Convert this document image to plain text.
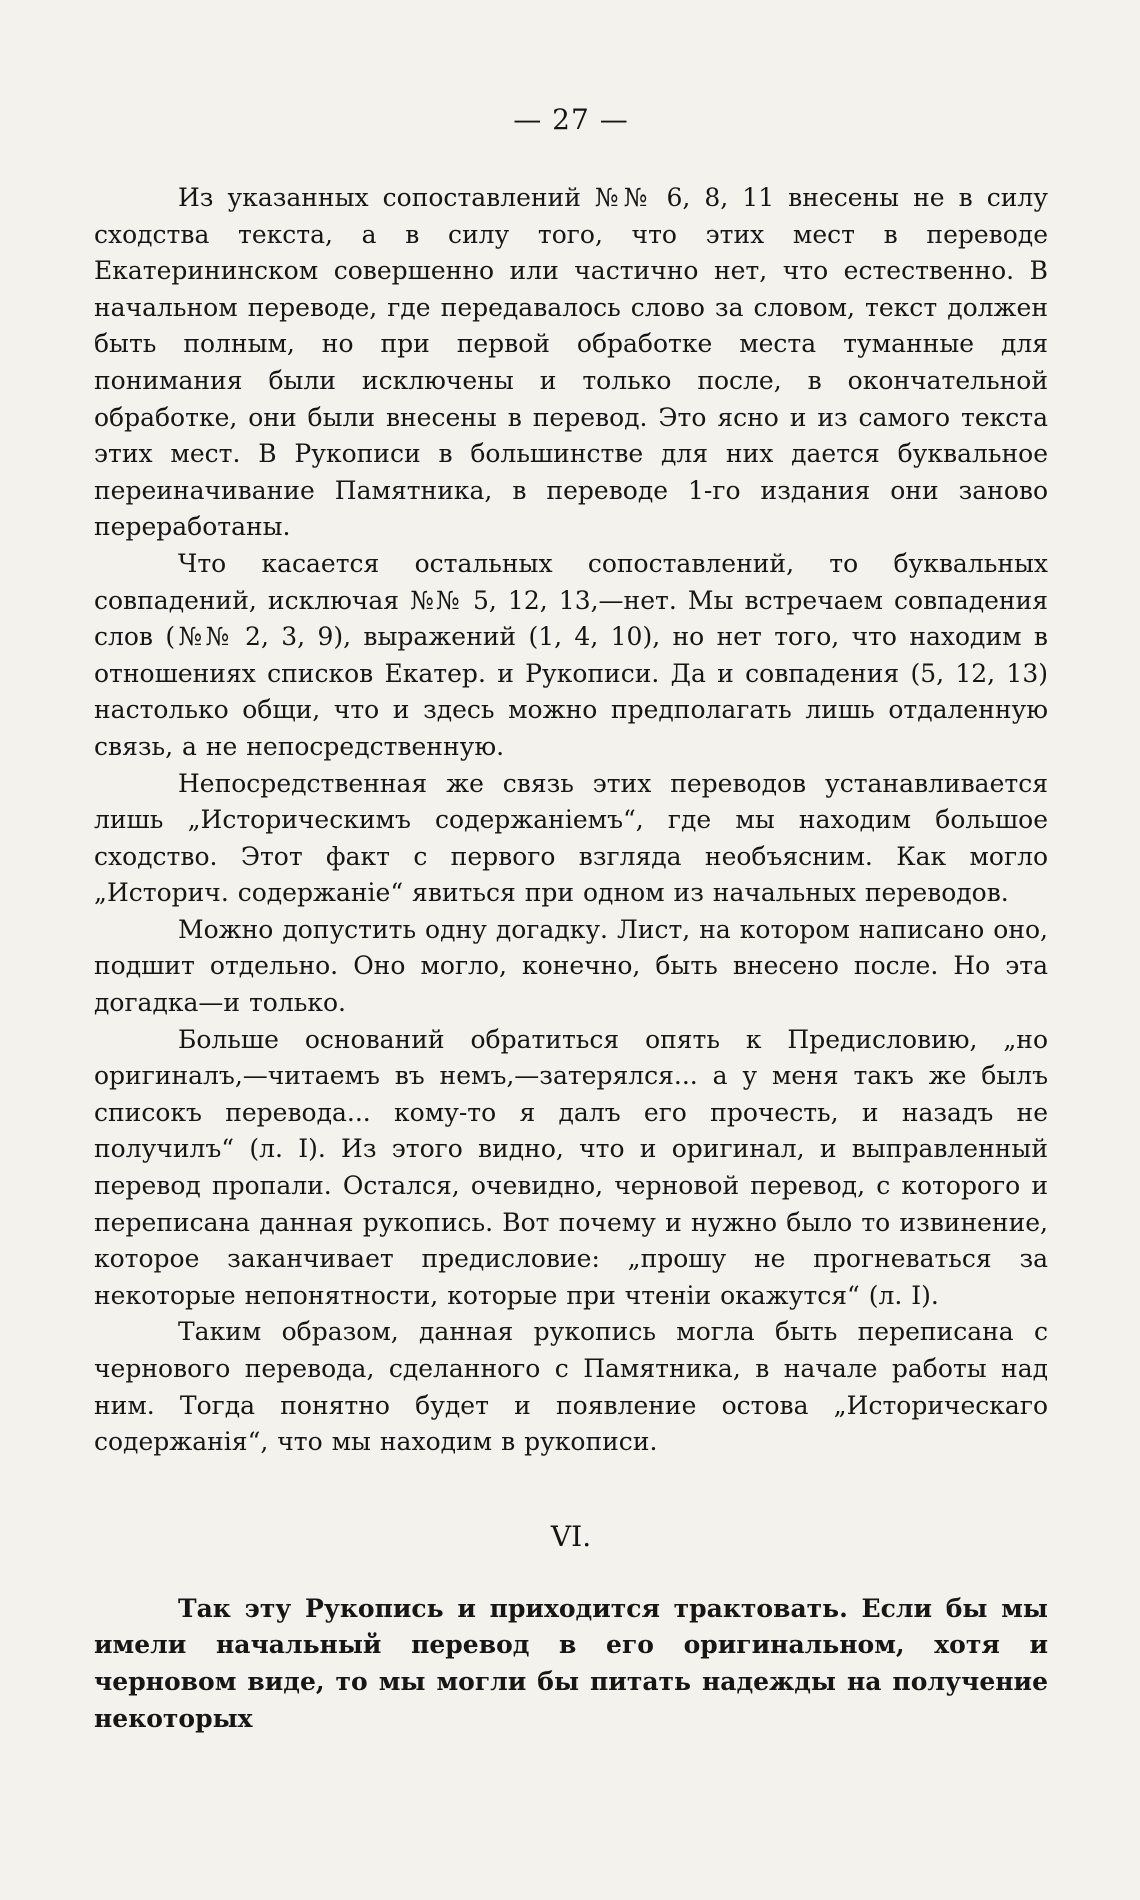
— 27 —

Из указанных сопоставлений №№ 6, 8, 11 внесены не в силу сходства текста, а в силу того, что этих мест в переводе Екатерининском совершенно или частично нет, что естественно. В начальном переводе, где передавалось слово за словом, текст должен быть полным, но при первой обработке места туманные для понимания были исключены и только после, в окончательной обработке, они были внесены в перевод. Это ясно и из самого текста этих мест. В Рукописи в большинстве для них дается буквальное переиначивание Памятника, в переводе 1-го издания они заново переработаны.

Что касается остальных сопоставлений, то буквальных совпадений, исключая №№ 5, 12, 13,—нет. Мы встречаем совпадения слов (№№ 2, 3, 9), выражений (1, 4, 10), но нет того, что находим в отношениях списков Екатер. и Рукописи. Да и совпадения (5, 12, 13) настолько общи, что и здесь можно предполагать лишь отдаленную связь, а не непосредственную.

Непосредственная же связь этих переводов устанавливается лишь „Историческимъ содержаніемъ“, где мы находим большое сходство. Этот факт с первого взгляда необъясним. Как могло „Историч. содержаніе“ явиться при одном из начальных переводов.

Можно допустить одну догадку. Лист, на котором написано оно, подшит отдельно. Оно могло, конечно, быть внесено после. Но эта догадка—и только.

Больше оснований обратиться опять к Предисловию, „но оригиналъ,—читаемъ въ немъ,—затерялся... а у меня такъ же былъ списокъ перевода... кому-то я далъ его прочесть, и назадъ не получилъ“ (л. I). Из этого видно, что и оригинал, и выправленный перевод пропали. Остался, очевидно, черновой перевод, с которого и переписана данная рукопись. Вот почему и нужно было то извинение, которое заканчивает предисловие: „прошу не прогневаться за некоторые непонятности, которые при чтеніи окажутся“ (л. I).

Таким образом, данная рукопись могла быть переписана с чернового перевода, сделанного с Памятника, в начале работы над ним. Тогда понятно будет и появление остова „Историческаго содержанія“, что мы находим в рукописи.

VI.

Так эту Рукопись и приходится трактовать. Если бы мы имели начальный перевод в его оригинальном, хотя и черновом виде, то мы могли бы питать надежды на получение некоторых
